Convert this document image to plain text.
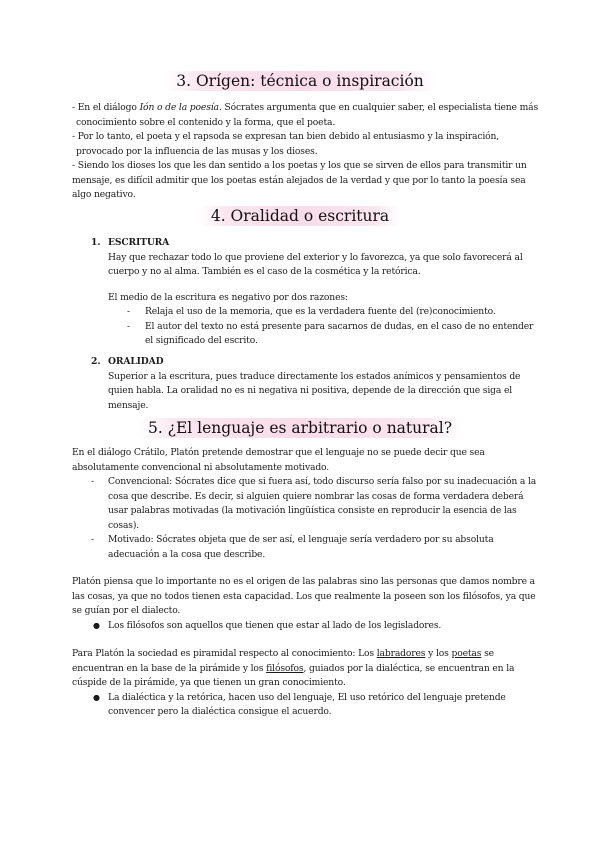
3. Orígen: técnica o inspiración
- En el diálogo Ión o de la poesía. Sócrates argumenta que en cualquier saber, el especialista tiene más
conocimiento sobre el contenido y la forma, que el poeta.
- Por lo tanto, el poeta y el rapsoda se expresan tan bien debido al entusiasmo y la inspiración,
provocado por la influencia de las musas y los dioses.
- Siendo los dioses los que les dan sentido a los poetas y los que se sirven de ellos para transmitir un
mensaje, es difícil admitir que los poetas están alejados de la verdad y que por lo tanto la poesía sea
algo negativo.
4. Oralidad o escritura
1. ESCRITURA
Hay que rechazar todo lo que proviene del exterior y lo favorezca, ya que solo favorecerá al
cuerpo y no al alma. También es el caso de la cosmética y la retórica.
El medio de la escritura es negativo por dos razones:
- Relaja el uso de la memoria, que es la verdadera fuente del (re)conocimiento.
- El autor del texto no está presente para sacarnos de dudas, en el caso de no entender
el significado del escrito.
2. ORALIDAD
Superior a la escritura, pues traduce directamente los estados anímicos y pensamientos de
quien habla. La oralidad no es ni negativa ni positiva, depende de la dirección que siga el
mensaje.
5. ¿El lenguaje es arbitrario o natural?
En el diálogo Crátilo, Platón pretende demostrar que el lenguaje no se puede decir que sea
absolutamente convencional ni absolutamente motivado.
- Convencional: Sócrates dice que si fuera así, todo discurso sería falso por su inadecuación a la
cosa que describe. Es decir, si alguien quiere nombrar las cosas de forma verdadera deberá
usar palabras motivadas (la motivación lingüística consiste en reproducir la esencia de las
cosas).
- Motivado: Sócrates objeta que de ser así, el lenguaje sería verdadero por su absoluta
adecuación a la cosa que describe.
Platón piensa que lo importante no es el origen de las palabras sino las personas que damos nombre a
las cosas, ya que no todos tienen esta capacidad. Los que realmente la poseen son los filósofos, ya que
se guían por el dialecto.
● Los filósofos son aquellos que tienen que estar al lado de los legisladores.
Para Platón la sociedad es piramidal respecto al conocimiento: Los labradores y los poetas se
encuentran en la base de la pirámide y los filósofos, guiados por la dialéctica, se encuentran en la
cúspide de la pirámide, ya que tienen un gran conocimiento.
● La dialéctica y la retórica, hacen uso del lenguaje, El uso retórico del lenguaje pretende
convencer pero la dialéctica consigue el acuerdo.
